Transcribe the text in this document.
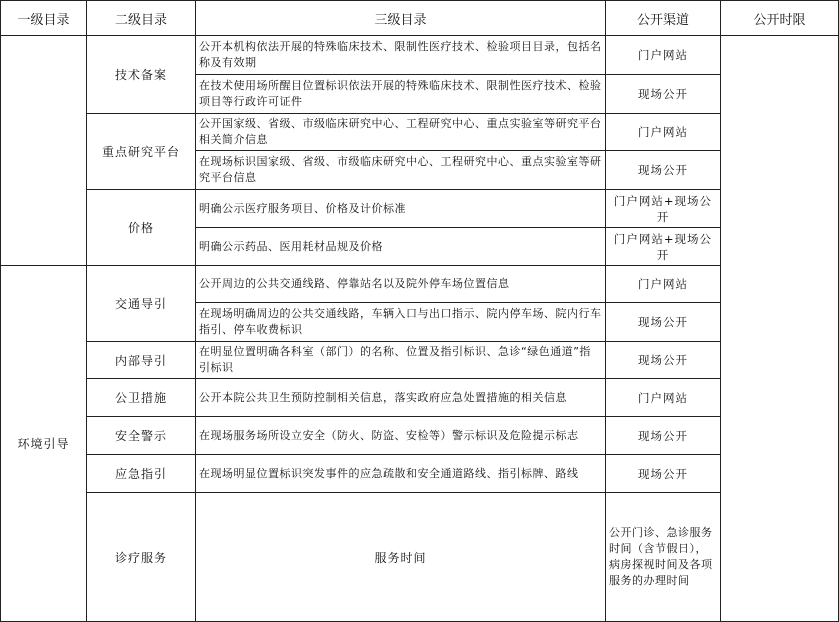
一级目录	二级目录	三级目录	公开渠道	公开时限	
	技术备案	公开本机构依法开展的特殊临床技术、限制性医疗技术、检验项目目录，包括名称及有效期	门户网站		
		在技术使用场所醒目位置标识依法开展的特殊临床技术、限制性医疗技术、检验项目等行政许可证件	现场公开		
	重点研究平台	公开国家级、省级、市级临床研究中心、工程研究中心、重点实验室等研究平台相关简介信息	门户网站		
		在现场标识国家级、省级、市级临床研究中心、工程研究中心、重点实验室等研究平台信息	现场公开		
	价格	明确公示医疗服务项目、价格及计价标准	门户网站+现场公开		
		明确公示药品、医用耗材品规及价格	门户网站+现场公开		
环境引导	交通导引	公开周边的公共交通线路、停靠站名以及院外停车场位置信息	门户网站		
		在现场明确周边的公共交通线路，车辆入口与出口指示、院内停车场、院内行车指引、停车收费标识	现场公开		
	内部导引	在明显位置明确各科室（部门）的名称、位置及指引标识、急诊“绿色通道”指引标识	现场公开		
	公卫措施	公开本院公共卫生预防控制相关信息，落实政府应急处置措施的相关信息	门户网站		
	安全警示	在现场服务场所设立安全（防火、防盗、安检等）警示标识及危险提示标志	现场公开		
	应急指引	在现场明显位置标识突发事件的应急疏散和安全通道路线、指引标牌、路线	现场公开		
	诊疗服务	服务时间	公开门诊、急诊服务时间（含节假日），病房探视时间及各项服务的办理时间	
